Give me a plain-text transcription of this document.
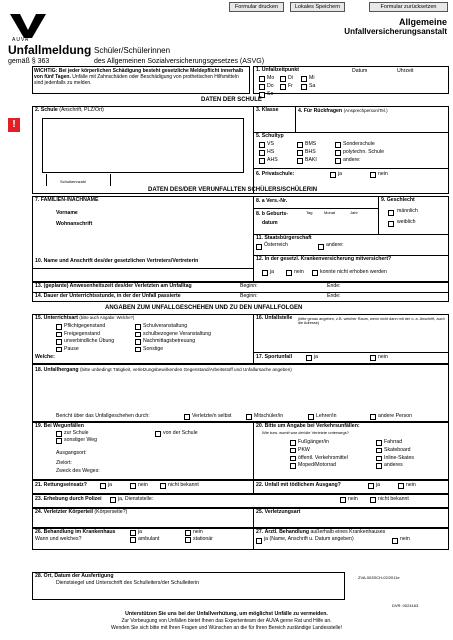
Formular drucken	Lokales Speichern	Formular zurücksetzen
AUVA
Allgemeine
Unfallversicherungsanstalt
Unfallmeldung Schüler/Schülerinnen
gemäß § 363	des Allgemeinen Sozialversicherungsgesetzes (ASVG)
!
WICHTIG: Bei jeder körperlichen Schädigung besteht gesetzliche Meldepflicht innerhalb von fünf Tagen. Unfälle mit Zahnschäden oder Beschädigung von prothetischen Hilfsmitteln sind jedenfalls zu melden.
1. Unfallzeitpunkt	Datum	Uhrzeit
Mo	Di	Mi
Do	Fr	Sa
So
DATEN DER SCHULE
2. Schule (Anschrift, PLZ/Ort)	3. Klasse	4. Für Rückfragen (Ansprechperson/Tel.)
5. Schultyp
VS
HS
AHS
BMS
BHS
BAKI
Sonderschule
polytechn. Schule
andere:
Schulkennzahl
6. Privatschule:	ja	nein
DATEN DES/DER VERUNFALLTEN SCHÜLERS/SCHÜLERIN
7. FAMILIEN-/NACHNAME
Vorname
Wohnanschrift
8. a Vers.-Nr.
8. b Geburts-
datum
Tag	Monat	Jahr
9. Geschlecht
männlich
weiblich
10. Name und Anschrift des/der gesetzlichen Vertreters/Vertreterin
11. Staatsbürgerschaft
Österreich	andere:
12. In der gesetzl. Krankenversicherung mitversichert?
ja	nein	konnte nicht erhoben werden
13. (geplante) Anwesenheitszeit des/der Verletzten am Unfalltag	Beginn:	Ende:
14. Dauer der Unterrichtsstunde, in der der Unfall passierte	Beginn:	Ende:
ANGABEN ZUM UNFALLGESCHEHEN UND ZU DEN UNFALLFOLGEN
15. Unterrichtsart (bitte auch Angabe: Welche?)
Pflichtgegenstand
Freigegenstand
unverbindliche Übung
Pause
Schulveranstaltung
schulbezogene Veranstaltung
Nachmittagsbetreuung
Sonstige
Welche:
16. Unfallstelle (bitte genau angeben, z.B. welcher Raum, wenn nicht dann mit der o. a. Anschrift, auch die Adresse)
17. Sportunfall	ja	nein
18. Unfallhergang (bitte unbedingt Tätigkeit, verletzungsbewirkenden Gegenstand/Arbeitsstoff und Unfallursache angeben)
Bericht über das Unfallgeschehen durch:	Verletzte/n selbst	Mitschüler/in	Lehrer/in	andere Person
19. Bei Wegunfällen
zur Schule
sonstiger Weg
von der Schule
Ausgangsort:
Zielort:
Zweck des Weges:
20. Bitte um Angabe bei Verkehrsunfällen:
Wie bzw. womit war der/die Verletzte unterwegs?
Fußgänger/in
PKW
öffentl. Verkehrsmittel
Moped/Motorrad
Fahrrad
Skateboard
Inline-Skates
anderes
21. Rettungseinsatz?	ja	nein	nicht bekannt	22. Unfall mit tödlichem Ausgang?	ja	nein
23. Erhebung durch Polizei	ja, Dienststelle:	nein	nicht bekannt
24. Verletzter Körperteil (Körperseite?)	25. Verletzungsart
26. Behandlung im Krankenhaus
Wann und welches?
ja
ambulant
nein
stationär
27. Ärztl. Behandlung außerhalb eines Krankenhauses
ja (Name, Anschrift u. Datum angeben)	nein
28. Ort, Datum der Ausfertigung
Dienstsiegel und Unterschrift des Schulleiters/der Schulleiterin
ZVA-003SCH-02/2011e
DVR: 0024163
Unterstützen Sie uns bei der Unfallverhütung, um möglichst Unfälle zu vermeiden.
Zur Vorbeugung von Unfällen bietet Ihnen das Expertenteam der AUVA gerne Rat und Hilfe an.
Wenden Sie sich bitte mit Ihren Fragen und Wünschen an die für Ihren Bereich zuständige Landesstelle!
